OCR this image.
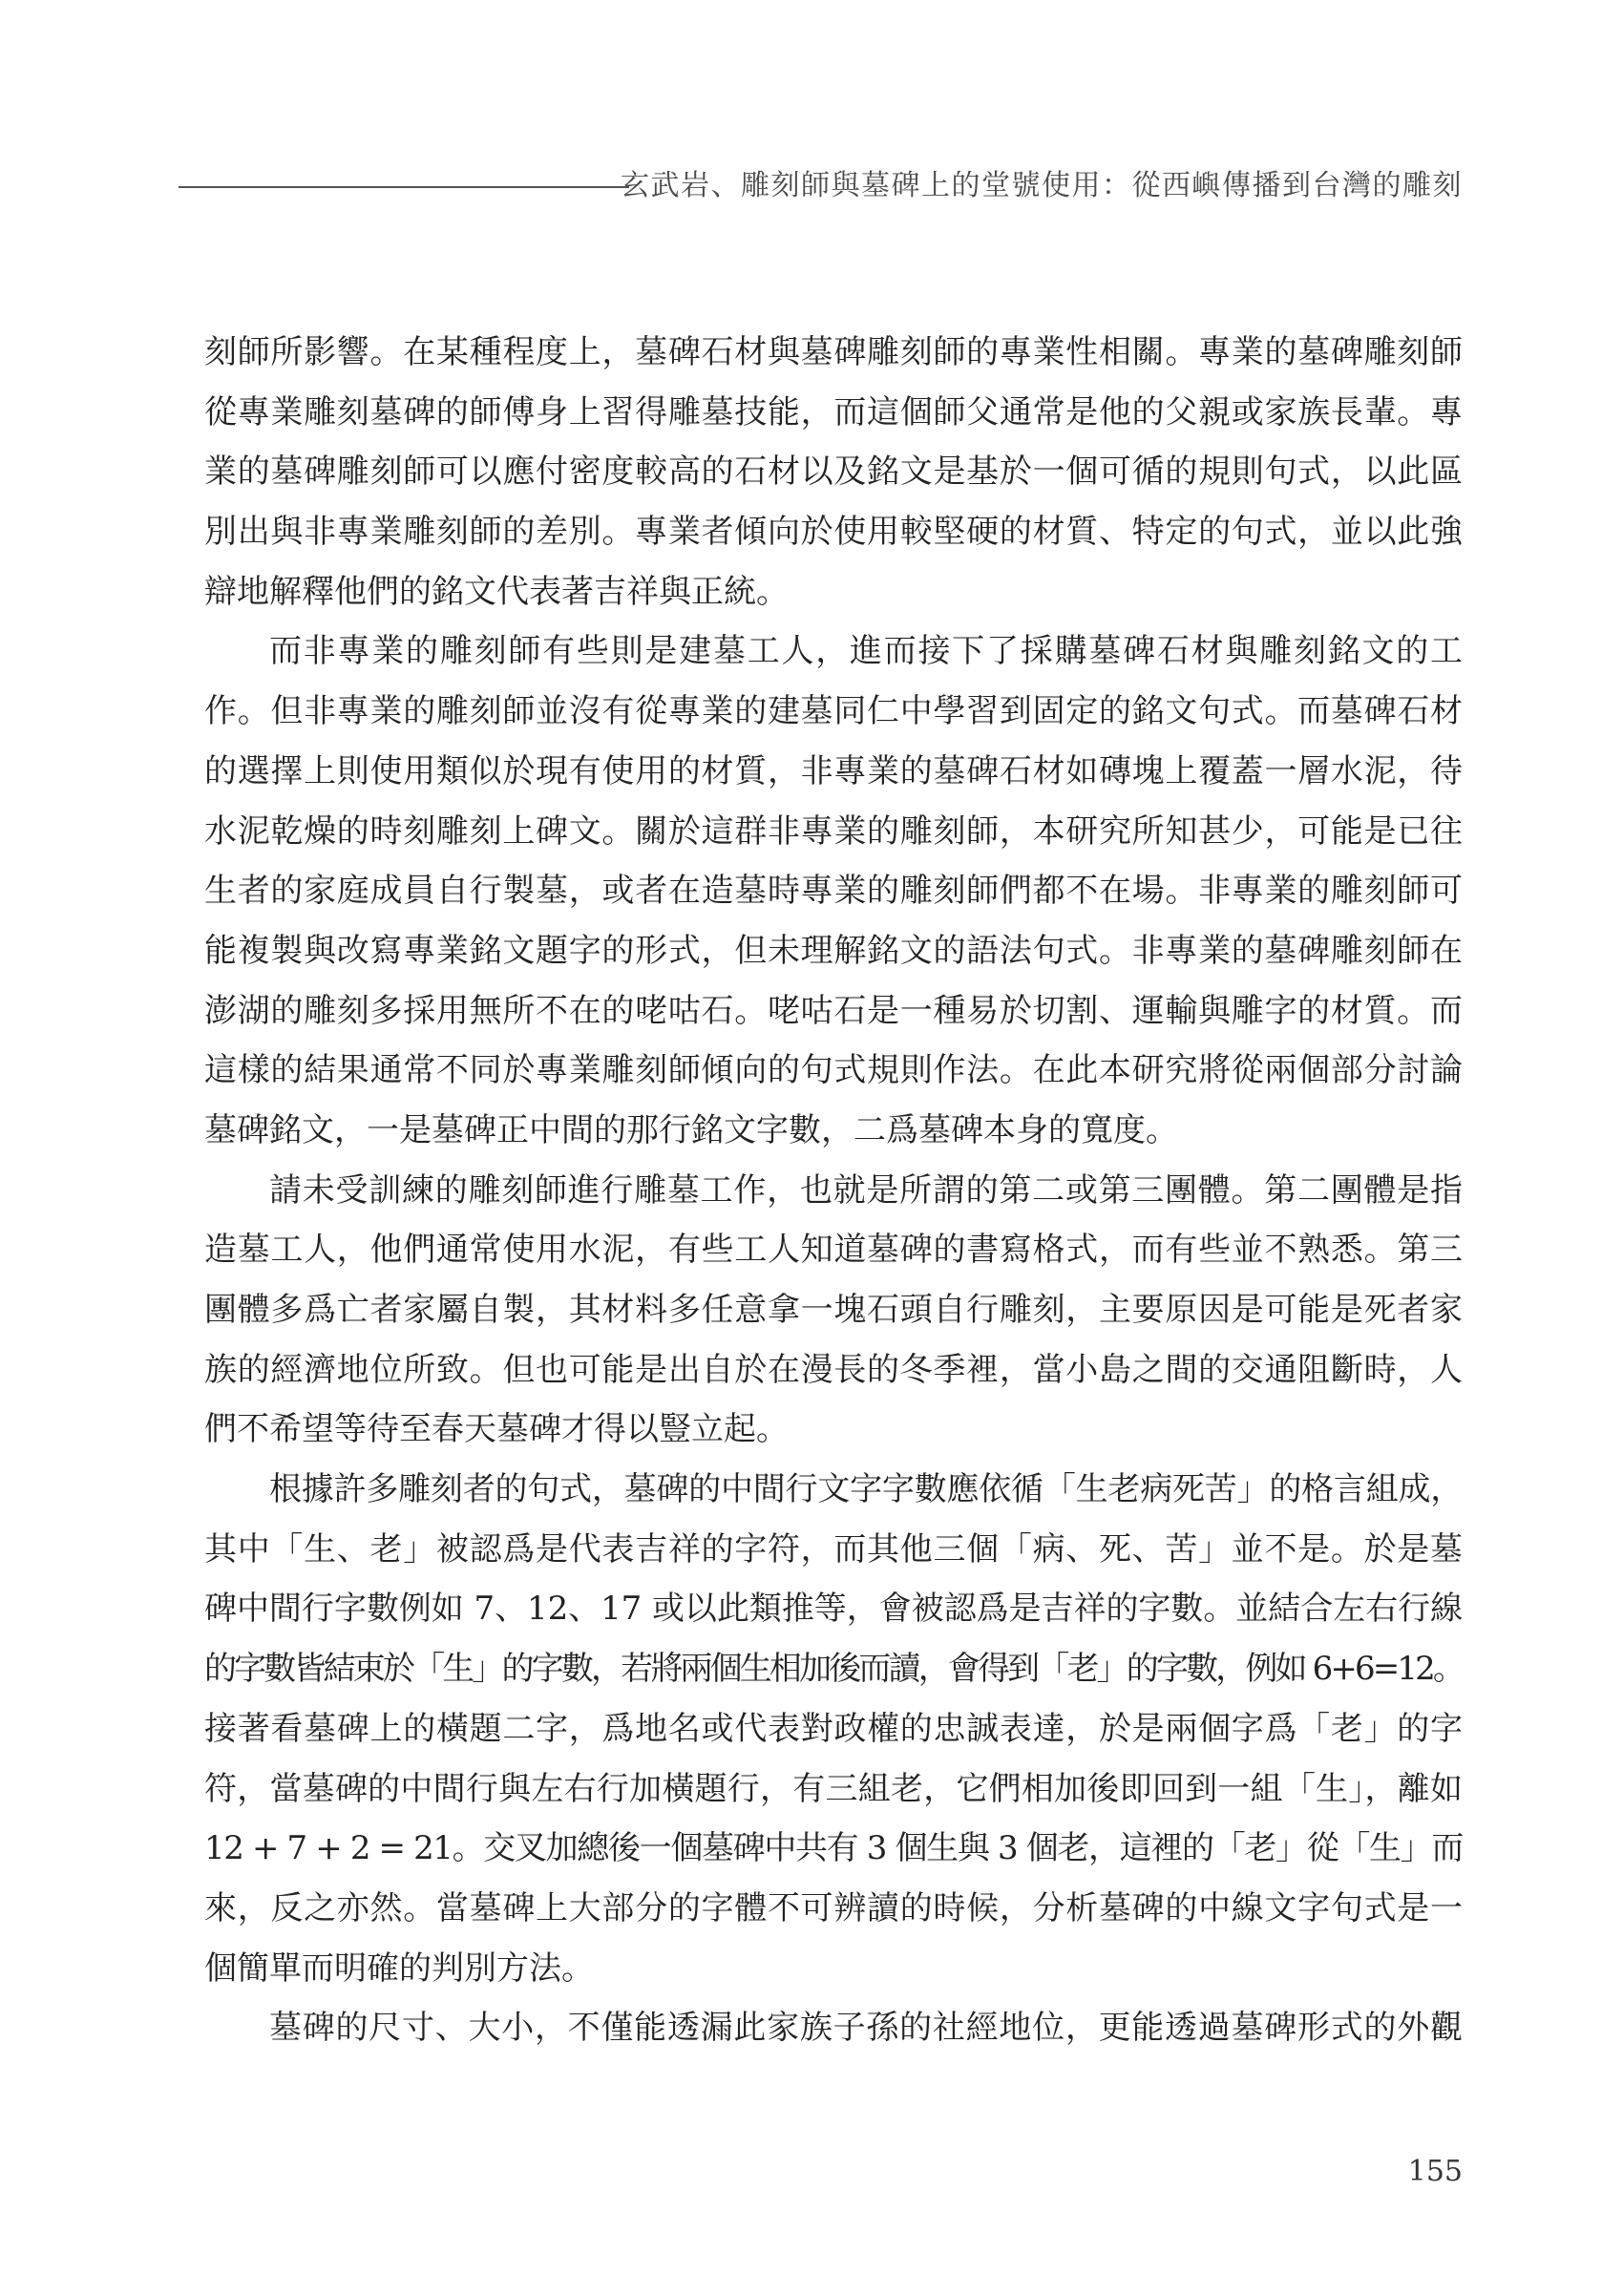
玄武岩、雕刻師與墓碑上的堂號使用：從西嶼傳播到台灣的雕刻
刻師所影響。在某種程度上，墓碑石材與墓碑雕刻師的專業性相關。專業的墓碑雕刻師
從專業雕刻墓碑的師傅身上習得雕墓技能，而這個師父通常是他的父親或家族長輩。專
業的墓碑雕刻師可以應付密度較高的石材以及銘文是基於一個可循的規則句式，以此區
別出與非專業雕刻師的差別。專業者傾向於使用較堅硬的材質、特定的句式，並以此強
辯地解釋他們的銘文代表著吉祥與正統。
而非專業的雕刻師有些則是建墓工人，進而接下了採購墓碑石材與雕刻銘文的工
作。但非專業的雕刻師並沒有從專業的建墓同仁中學習到固定的銘文句式。而墓碑石材
的選擇上則使用類似於現有使用的材質，非專業的墓碑石材如磚塊上覆蓋一層水泥，待
水泥乾燥的時刻雕刻上碑文。關於這群非專業的雕刻師，本研究所知甚少，可能是已往
生者的家庭成員自行製墓，或者在造墓時專業的雕刻師們都不在場。非專業的雕刻師可
能複製與改寫專業銘文題字的形式，但未理解銘文的語法句式。非專業的墓碑雕刻師在
澎湖的雕刻多採用無所不在的咾咕石。咾咕石是一種易於切割、運輸與雕字的材質。而
這樣的結果通常不同於專業雕刻師傾向的句式規則作法。在此本研究將從兩個部分討論
墓碑銘文，一是墓碑正中間的那行銘文字數，二爲墓碑本身的寬度。
請未受訓練的雕刻師進行雕墓工作，也就是所謂的第二或第三團體。第二團體是指
造墓工人，他們通常使用水泥，有些工人知道墓碑的書寫格式，而有些並不熟悉。第三
團體多爲亡者家屬自製，其材料多任意拿一塊石頭自行雕刻，主要原因是可能是死者家
族的經濟地位所致。但也可能是出自於在漫長的冬季裡，當小島之間的交通阻斷時，人
們不希望等待至春天墓碑才得以豎立起。
根據許多雕刻者的句式，墓碑的中間行文字字數應依循「生老病死苦」的格言組成，
其中「生、老」被認爲是代表吉祥的字符，而其他三個「病、死、苦」並不是。於是墓
碑中間行字數例如 7、12、17 或以此類推等，會被認爲是吉祥的字數。並結合左右行線
的字數皆結束於「生」的字數，若將兩個生相加後而讀，會得到「老」的字數，例如 6+6=12。
接著看墓碑上的橫題二字，爲地名或代表對政權的忠誠表達，於是兩個字爲「老」的字
符，當墓碑的中間行與左右行加橫題行，有三組老，它們相加後即回到一組「生」，離如
12 + 7 + 2 = 21。交叉加總後一個墓碑中共有 3 個生與 3 個老，這裡的「老」從「生」而
來，反之亦然。當墓碑上大部分的字體不可辨讀的時候，分析墓碑的中線文字句式是一
個簡單而明確的判別方法。
墓碑的尺寸、大小，不僅能透漏此家族子孫的社經地位，更能透過墓碑形式的外觀
155
